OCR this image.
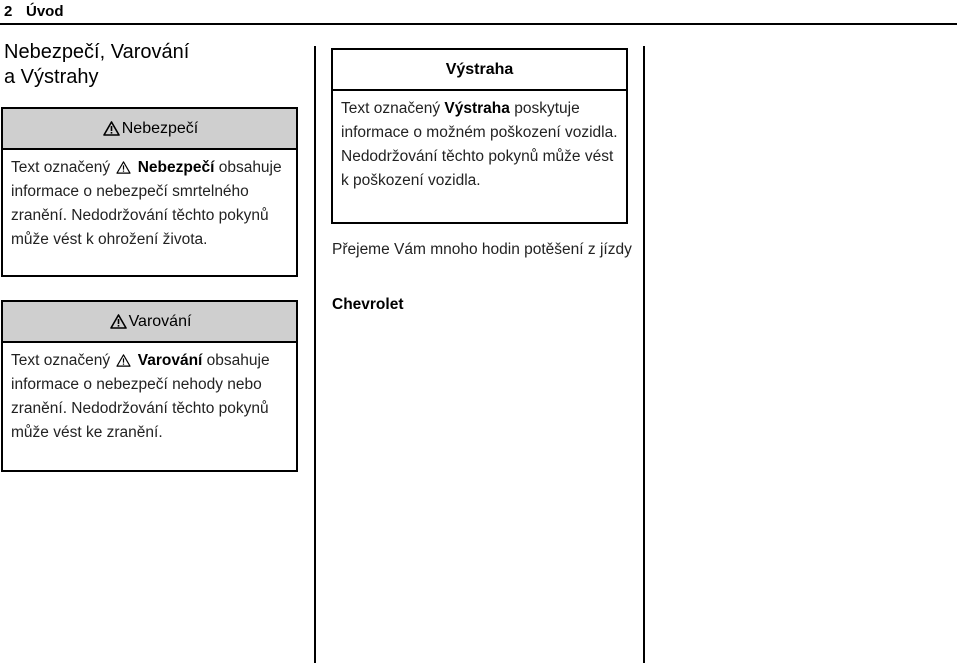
2 Úvod
Nebezpečí, Varování
a Výstrahy
Nebezpečí
Text označený Nebezpečí obsahuje informace o nebezpečí smrtelného zranění. Nedodržování těchto pokynů může vést k ohrožení života.
Varování
Text označený Varování obsahuje informace o nebezpečí nehody nebo zranění. Nedodržování těchto pokynů může vést ke zranění.
Výstraha
Text označený Výstraha poskytuje informace o možném poškození vozidla. Nedodržování těchto pokynů může vést k poškození vozidla.
Přejeme Vám mnoho hodin potěšení z jízdy
Chevrolet
